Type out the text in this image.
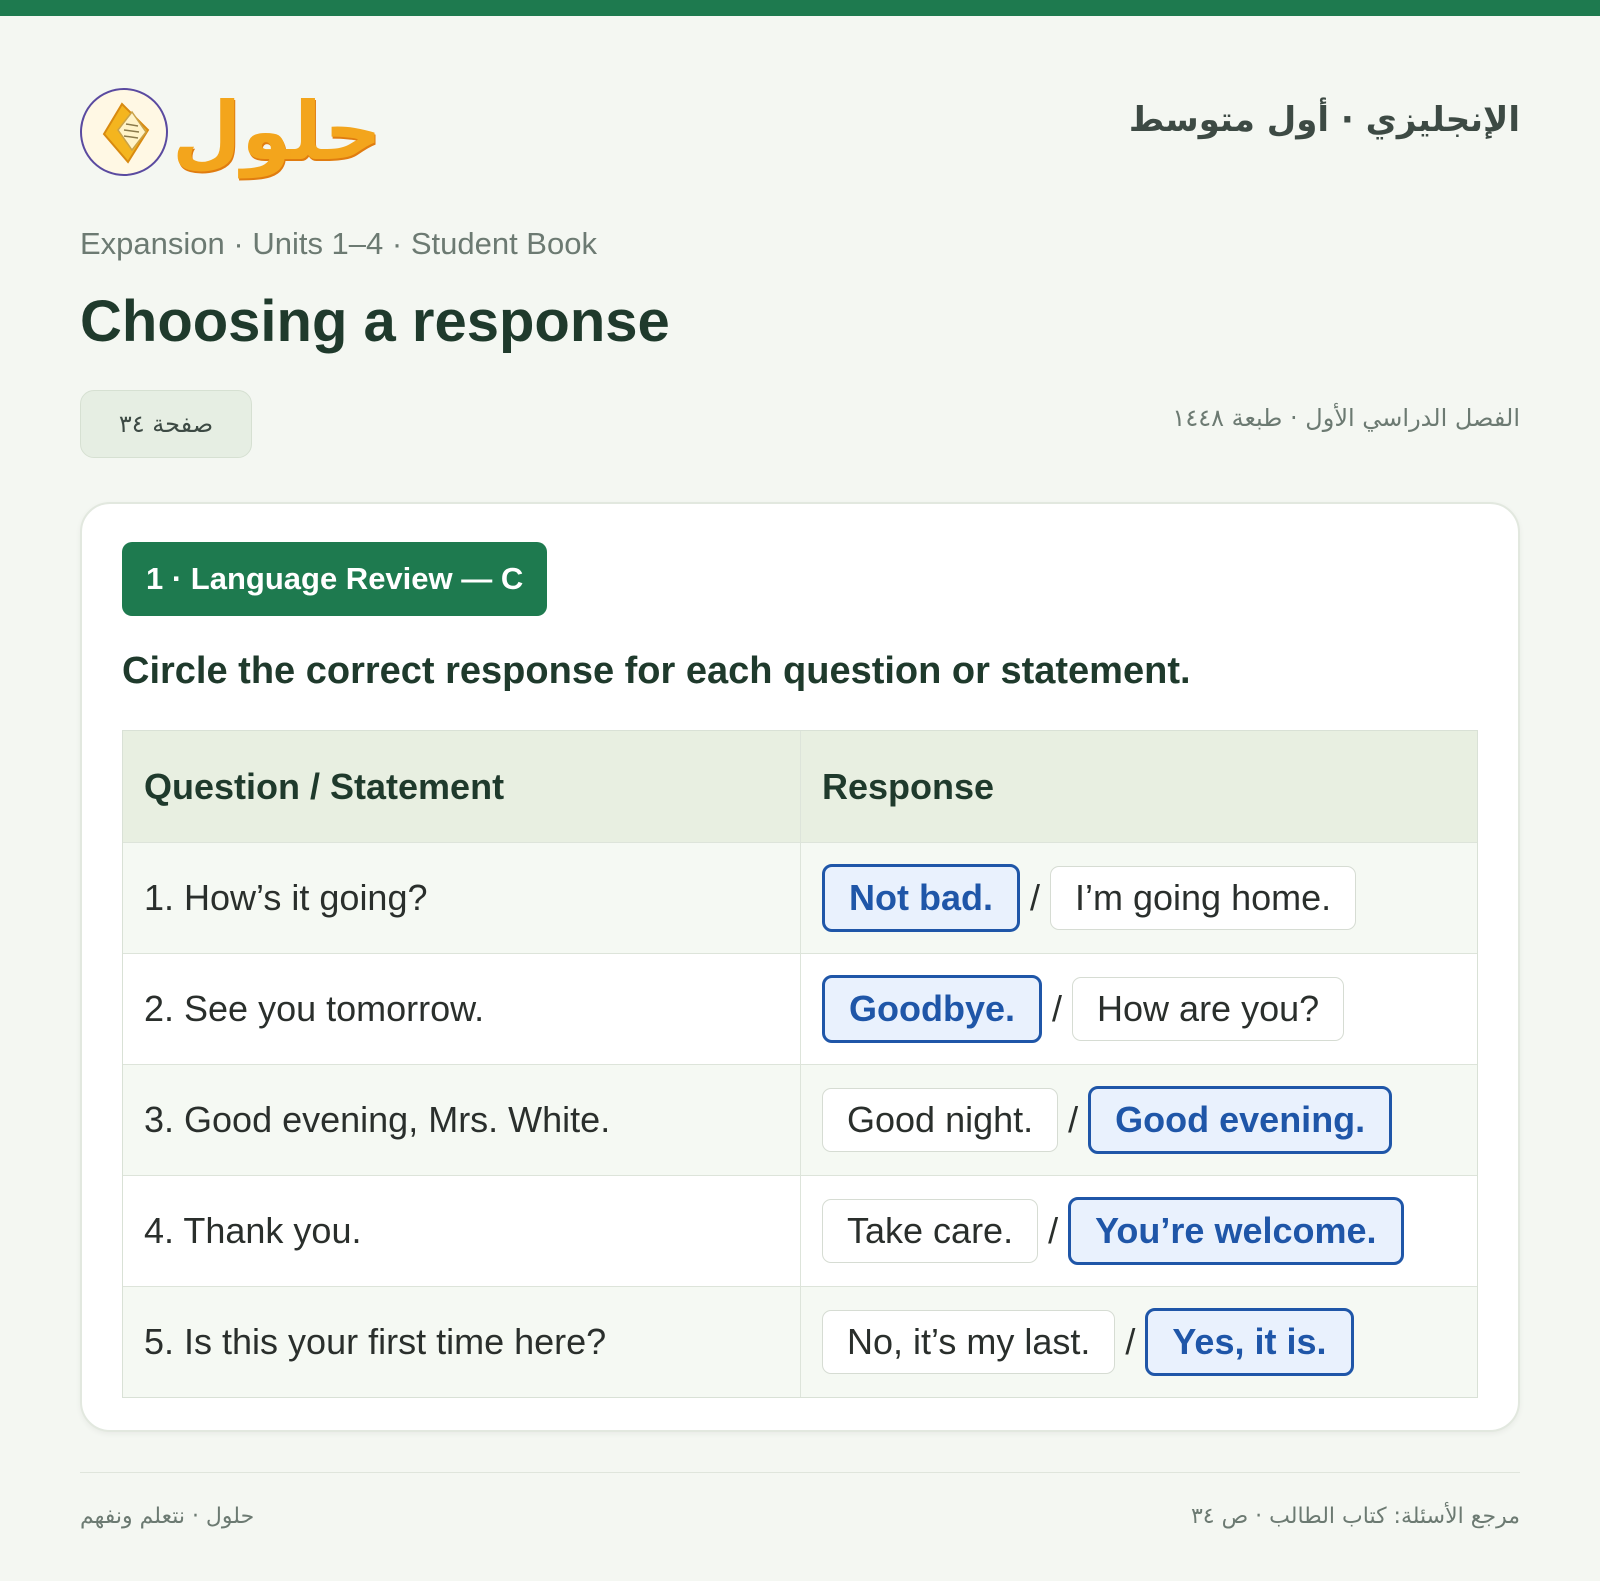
حلول	الإنجليزي · أول متوسط
Expansion · Units 1–4 · Student Book
Choosing a response
صفحة ٣٤	الفصل الدراسي الأول · طبعة ١٤٤٨
1 · Language Review — C
Circle the correct response for each question or statement.
Question / Statement	Response
1. How’s it going?	Not bad.	/ I’m going home.
2. See you tomorrow.	Goodbye.	/ How are you?
3. Good evening, Mrs. White.	Good night. /	Good evening.
4. Thank you.	Take care. /	You’re welcome.
5. Is this your first time here?	No, it’s my last. /	Yes, it is.
حلول · نتعلم ونفهم	مرجع الأسئلة: كتاب الطالب · ص ٣٤
